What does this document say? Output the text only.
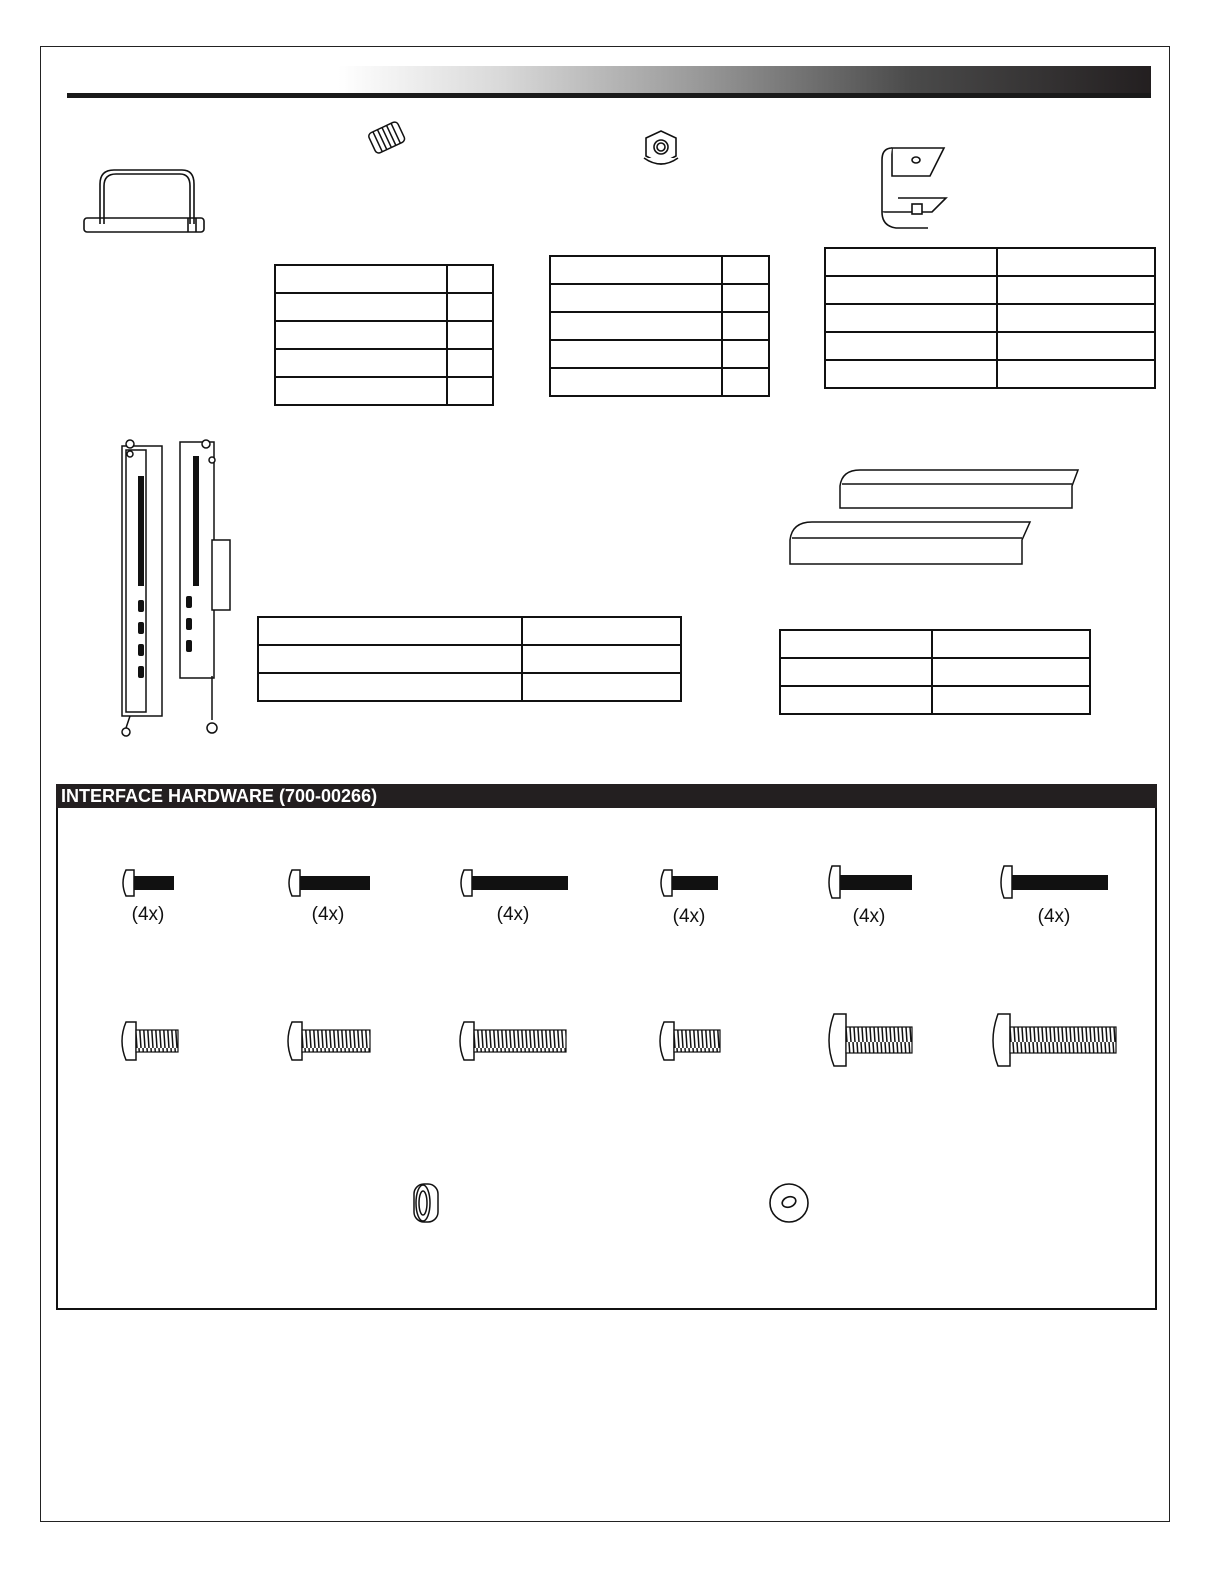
INTERFACE HARDWARE (700-00266)
(4x)	(4x)	(4x)	(4x)	(4x)	(4x)
